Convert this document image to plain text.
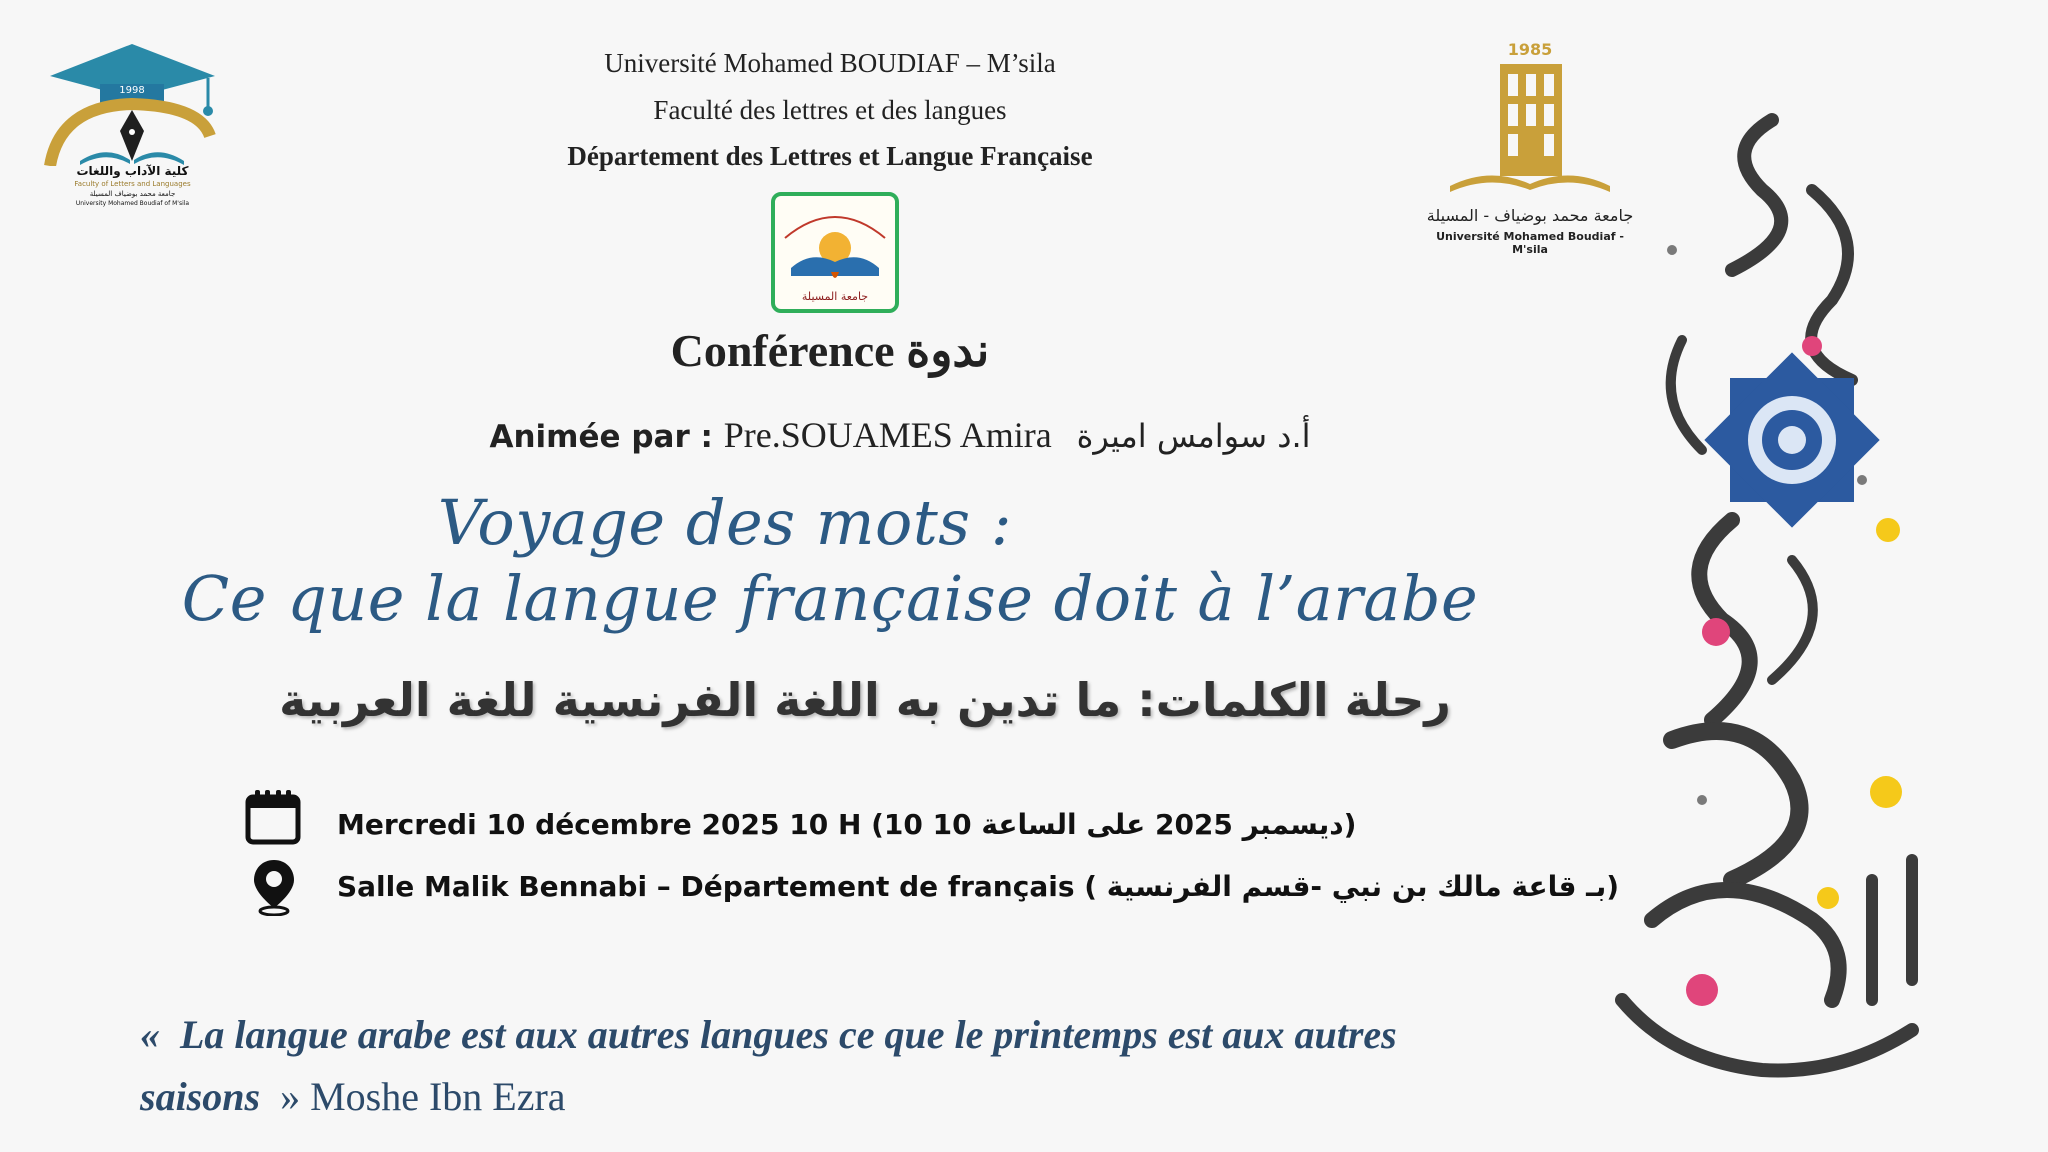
1998
كلية الآداب واللغات
Faculty of Letters and Languages
جامعة محمد بوضياف المسيلة
University Mohamed Boudiaf of M'sila
Université Mohamed BOUDIAF – M’sila
Faculté des lettres et des langues
Département des Lettres et Langue Française
1985
جامعة محمد بوضياف - المسيلة
Université Mohamed Boudiaf - M'sila
جامعة المسيلة
Conférence ندوة
Animée par : Pre.SOUAMES Amira أ.د سوامس اميرة
Voyage des mots :
Ce que la langue française doit à l’arabe
رحلة الكلمات: ما تدين به اللغة الفرنسية للغة العربية
Mercredi 10 décembre 2025 10 H (10 ديسمبر 2025 على الساعة 10)
Salle Malik Bennabi – Département de français ( بـ قاعة مالك بن نبي -قسم الفرنسية)
« La langue arabe est aux autres langues ce que le printemps est aux autres
saisons » Moshe Ibn Ezra
